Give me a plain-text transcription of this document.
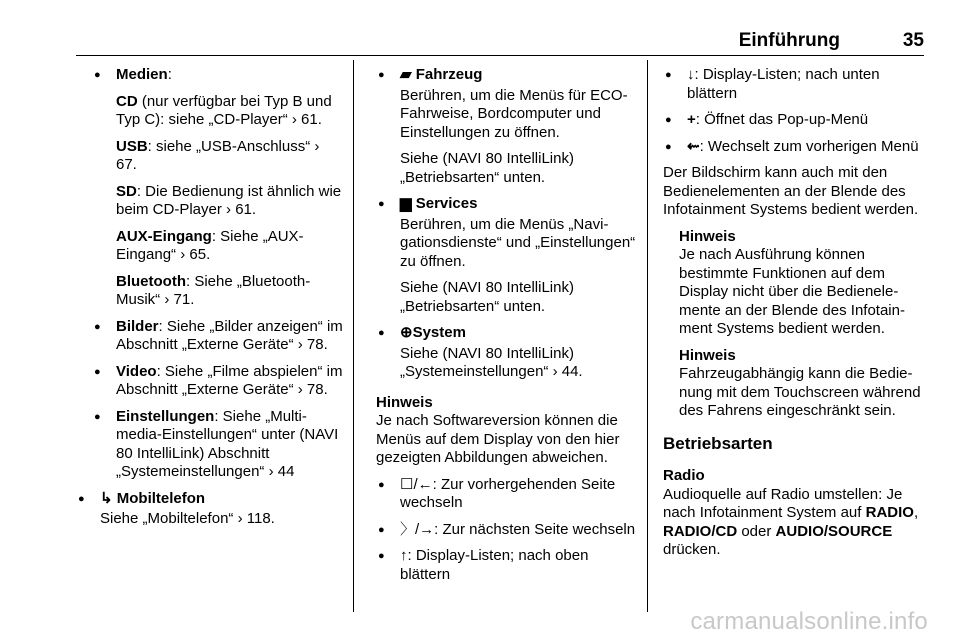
Einführung	35
● Medien:
CD (nur verfügbar bei Typ B und Typ C): siehe „CD-Player“ › 61.
USB: siehe „USB-Anschluss“ › 67.
SD: Die Bedienung ist ähnlich wie beim CD-Player › 61.
AUX-Eingang: Siehe „AUX-Eingang“ › 65.
Bluetooth: Siehe „Bluetooth-Musik“ › 71.
● Bilder: Siehe „Bilder anzeigen“ im Abschnitt „Externe Geräte“ › 78.
● Video: Siehe „Filme abspielen“ im Abschnitt „Externe Geräte“ › 78.
● Einstellungen: Siehe „Multimedia-Einstellungen“ unter (NAVI 80 IntelliLink) Abschnitt „Systemeinstellungen“ › 44
● ↳ Mobiltelefon
Siehe „Mobiltelefon“ › 118.
● ▰ Fahrzeug
Berühren, um die Menüs für ECO-Fahrweise, Bordcomputer und Einstellungen zu öffnen.
Siehe (NAVI 80 IntelliLink) „Betriebsarten“ unten.
● ▆ Services
Berühren, um die Menüs „Navigationsdienste“ und „Einstellungen“ zu öffnen.
Siehe (NAVI 80 IntelliLink) „Betriebsarten“ unten.
● ⊕System
Siehe (NAVI 80 IntelliLink) „Systemeinstellungen“ › 44.
Hinweis
Je nach Softwareversion können die Menüs auf dem Display von den hier gezeigten Abbildungen abweichen.
● ☐/←: Zur vorhergehenden Seite wechseln
● 〉/→: Zur nächsten Seite wechseln
● ↑: Display-Listen; nach oben blättern
● ↓: Display-Listen; nach unten blättern
● +: Öffnet das Pop-up-Menü
● ⇜: Wechselt zum vorherigen Menü
Der Bildschirm kann auch mit den Bedienelementen an der Blende des Infotainment Systems bedient werden.
Hinweis
Je nach Ausführung können bestimmte Funktionen auf dem Display nicht über die Bedienelemente an der Blende des Infotainment Systems bedient werden.
Hinweis
Fahrzeugabhängig kann die Bedienung mit dem Touchscreen während des Fahrens eingeschränkt sein.
Betriebsarten
Radio
Audioquelle auf Radio umstellen: Je nach Infotainment System auf RADIO, RADIO/CD oder AUDIO/SOURCE drücken.
carmanualsonline.info
